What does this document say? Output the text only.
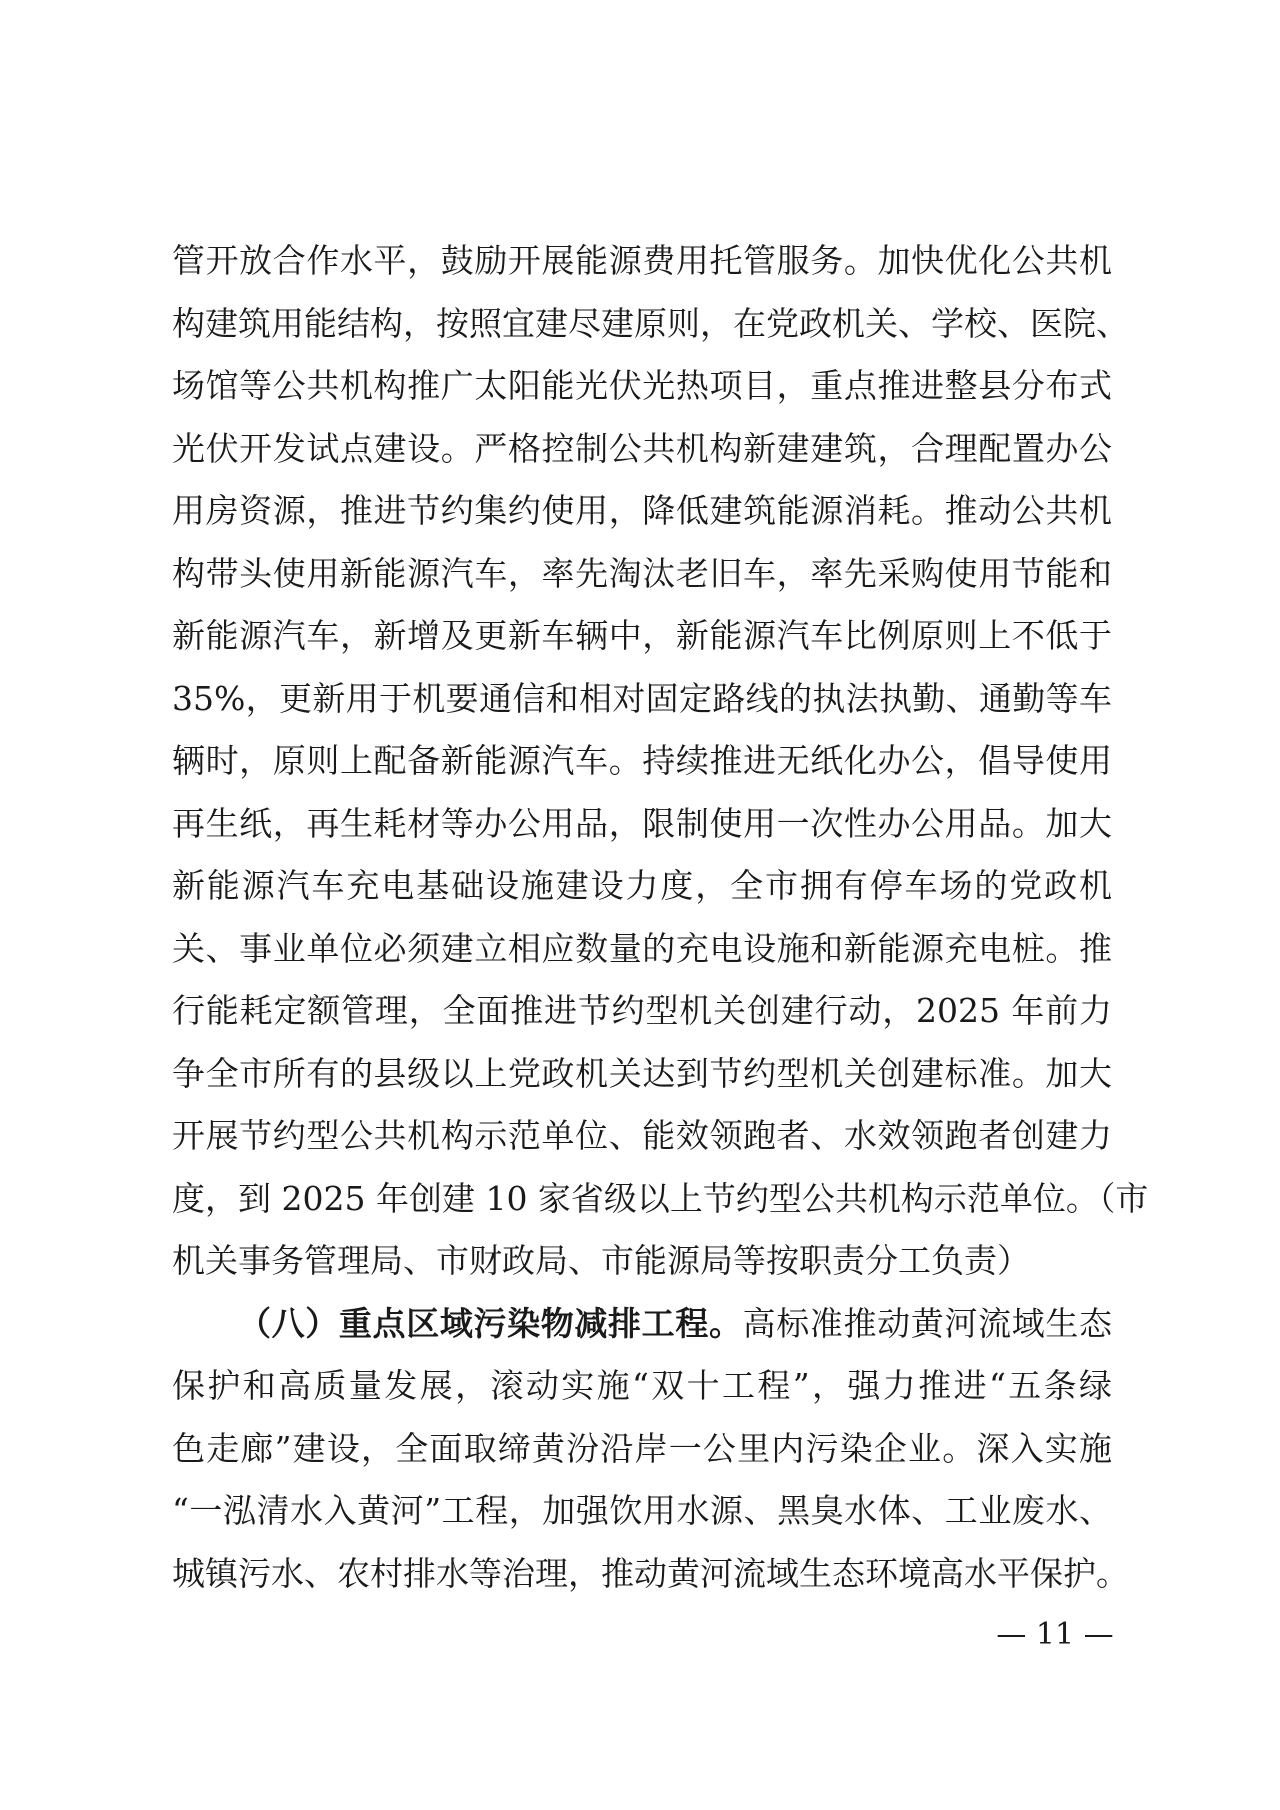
管开放合作水平，鼓励开展能源费用托管服务。加快优化公共机
构建筑用能结构，按照宜建尽建原则，在党政机关、学校、医院、
场馆等公共机构推广太阳能光伏光热项目，重点推进整县分布式
光伏开发试点建设。严格控制公共机构新建建筑，合理配置办公
用房资源，推进节约集约使用，降低建筑能源消耗。推动公共机
构带头使用新能源汽车，率先淘汰老旧车，率先采购使用节能和
新能源汽车，新增及更新车辆中，新能源汽车比例原则上不低于
35%，更新用于机要通信和相对固定路线的执法执勤、通勤等车
辆时，原则上配备新能源汽车。持续推进无纸化办公，倡导使用
再生纸，再生耗材等办公用品，限制使用一次性办公用品。加大
新能源汽车充电基础设施建设力度，全市拥有停车场的党政机
关、事业单位必须建立相应数量的充电设施和新能源充电桩。推
行能耗定额管理，全面推进节约型机关创建行动，2025 年前力
争全市所有的县级以上党政机关达到节约型机关创建标准。加大
开展节约型公共机构示范单位、能效领跑者、水效领跑者创建力
度，到 2025 年创建 10 家省级以上节约型公共机构示范单位。（市
机关事务管理局、市财政局、市能源局等按职责分工负责）
（八）重点区域污染物减排工程。高标准推动黄河流域生态
保护和高质量发展，滚动实施“双十工程”，强力推进“五条绿
色走廊”建设，全面取缔黄汾沿岸一公里内污染企业。深入实施
“一泓清水入黄河”工程，加强饮用水源、黑臭水体、工业废水、
城镇污水、农村排水等治理，推动黄河流域生态环境高水平保护。
— 11 —
